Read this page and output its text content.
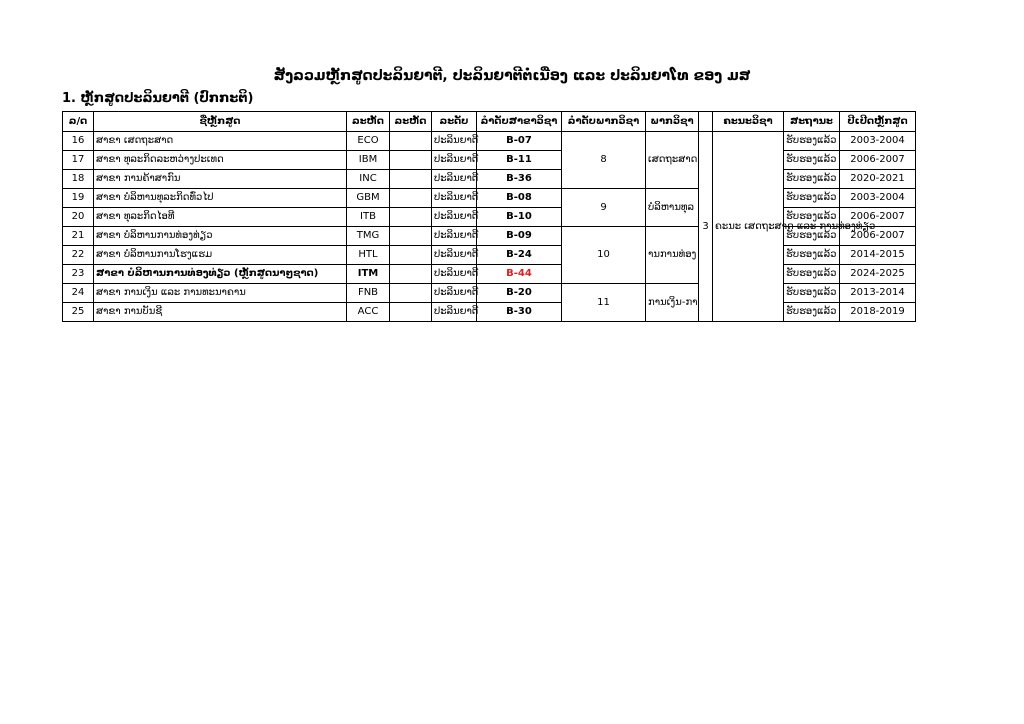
ສັງລວມຫຼັກສູດປະລິນຍາຕີ, ປະລິນຍາຕີຕໍ່ເນື່ອງ ແລະ ປະລິນຍາໂທ ຂອງ ມສ
1. ຫຼັກສູດປະລິນຍາຕີ (ປົກກະຕິ)
ລ/ດ	ຊື່ຫຼັກສູດ	ລະຫັດ	ລະຫັດ	ລະດັບ	ລຳດັບສາຂາວິຊາ	ລຳດັບພາກວິຊາ	ພາກວິຊາ		ຄະນະວິຊາ	ສະຖານະ	ປີເປີດຫຼັກສູດ
16	ສາຂາ ເສດຖະສາດ	ECO		ປະລິນຍາຕີ	B-07	8	ເສດຖະສາດ	3	ຄະນະ ເສດຖະສາດ ແລະ ການທ່ອງທ່ຽວ	ຮັບຮອງແລ້ວ	2003-2004
17	ສາຂາ ທຸລະກິດລະຫວ່າງປະເທດ	IBM		ປະລິນຍາຕີ	B-11					ຮັບຮອງແລ້ວ	2006-2007
18	ສາຂາ ການຄ້າສາກົນ	INC		ປະລິນຍາຕີ	B-36					ຮັບຮອງແລ້ວ	2020-2021
19	ສາຂາ ບໍລິຫານທຸລະກິດທົ່ວໄປ	GBM		ປະລິນຍາຕີ	B-08	9	ບໍລິຫານທຸລ			ຮັບຮອງແລ້ວ	2003-2004
20	ສາຂາ ທຸລະກິດໄອທີ	ITB		ປະລິນຍາຕີ	B-10					ຮັບຮອງແລ້ວ	2006-2007
21	ສາຂາ ບໍລິຫານການທ່ອງທ່ຽວ	TMG		ປະລິນຍາຕີ	B-09	10	ານການທ່ອງ			ຮັບຮອງແລ້ວ	2006-2007
22	ສາຂາ ບໍລິຫານການໂຮງແຮມ	HTL		ປະລິນຍາຕີ	B-24					ຮັບຮອງແລ້ວ	2014-2015
23	ສາຂາ ບໍລິຫານການທ່ອງທ່ຽວ (ຫຼັກສູດນາໆຊາດ)	ITM		ປະລິນຍາຕີ	B-44					ຮັບຮອງແລ້ວ	2024-2025
24	ສາຂາ ການເງິນ ແລະ ການທະນາຄານ	FNB		ປະລິນຍາຕີ	B-20	11	ການເງິນ-ກາ			ຮັບຮອງແລ້ວ	2013-2014
25	ສາຂາ ການບັນຊີ	ACC		ປະລິນຍາຕີ	B-30					ຮັບຮອງແລ້ວ	2018-2019
